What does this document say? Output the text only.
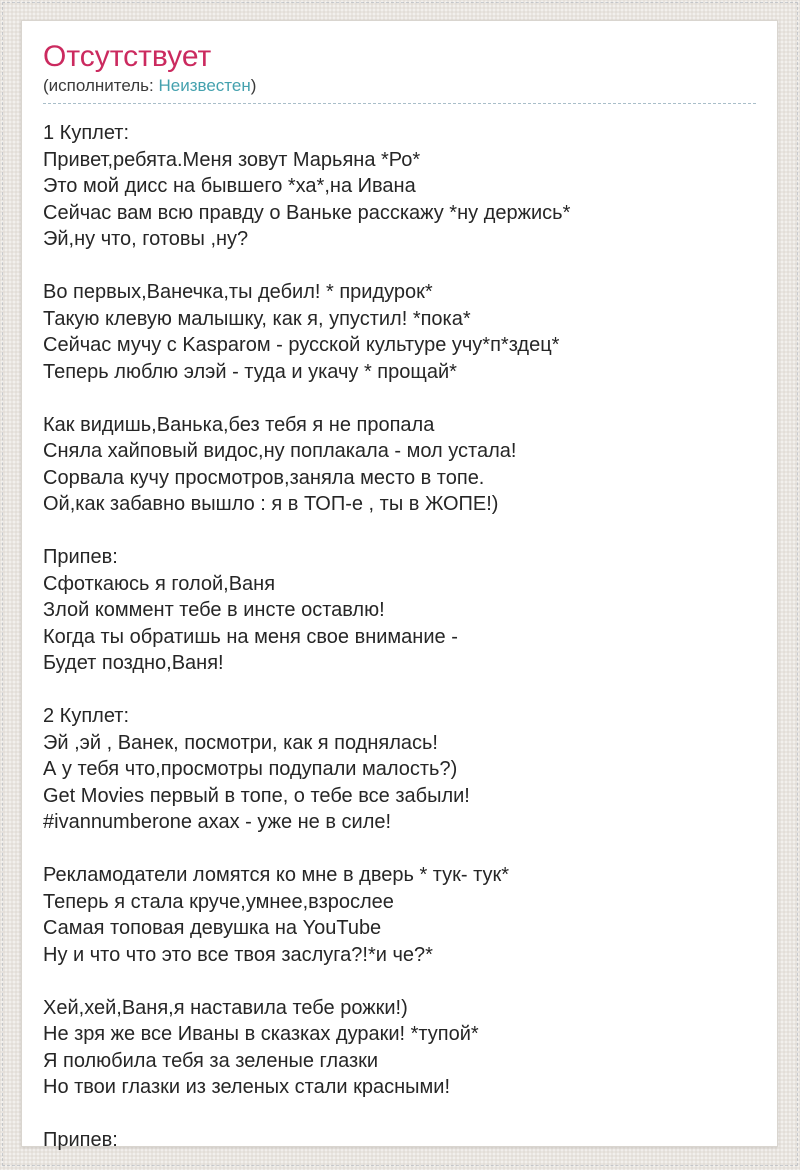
Отсутствует
(исполнитель: Неизвестен)
1 Куплет:
Привет,ребята.Меня зовут Марьяна *Ро*
Это мой дисс на бывшего *ха*,на Ивана
Сейчас вам всю правду о Ваньке расскажу *ну держись*
Эй,ну что, готовы ,ну?

Во первых,Ванечка,ты дебил! * придурок*
Такую клевую малышку, как я, упустил! *пока*
Сейчас мучу с Kasparом - русской культуре учу*п*здец*
Теперь люблю элэй - туда и укачу * прощай*

Как видишь,Ванька,без тебя я не пропала
Сняла хайповый видос,ну поплакала - мол устала!
Сорвала кучу просмотров,заняла место в топе.
Ой,как забавно вышло : я в ТОП-е , ты в ЖОПЕ!)

Припев:
Сфоткаюсь я голой,Ваня
Злой коммент тебе в инсте оставлю!
Когда ты обратишь на меня свое внимание -
Будет поздно,Ваня!

2 Куплет:
Эй ,эй , Ванек, посмотри, как я поднялась!
А у тебя что,просмотры подупали малость?)
Get Movies первый в топе, о тебе все забыли!
#ivannumberone ахах - уже не в силе!

Рекламодатели ломятся ко мне в дверь * тук- тук*
Теперь я стала круче,умнее,взрослее
Самая топовая девушка на YouTube
Ну и что что это все твоя заслуга?!*и че?*

Хей,хей,Ваня,я наставила тебе рожки!)
Не зря же все Иваны в сказках дураки! *тупой*
Я полюбила тебя за зеленые глазки
Но твои глазки из зеленых стали красными!

Припев:
